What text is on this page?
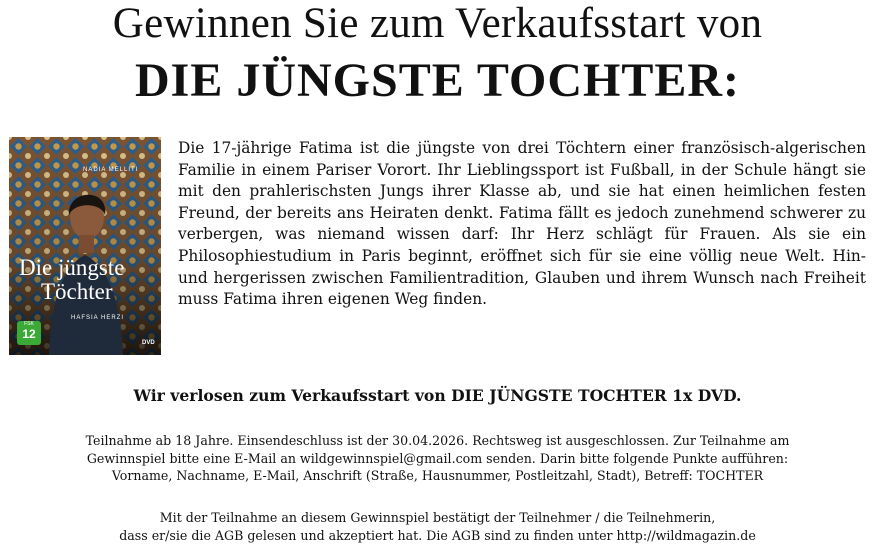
Gewinnen Sie zum Verkaufsstart von
DIE JÜNGSTE TOCHTER:
NADIA MELLITI
Die jüngste
Töchter
HAFSIA HERZI
FSK
12
DVD
Die 17-jährige Fatima ist die jüngste von drei Töchtern einer französisch-algerischen Familie in einem Pariser Vorort. Ihr Lieblingssport ist Fußball, in der Schule hängt sie mit den prahlerischsten Jungs ihrer Klasse ab, und sie hat einen heimlichen festen Freund, der bereits ans Heiraten denkt. Fatima fällt es jedoch zunehmend schwerer zu verbergen, was niemand wissen darf: Ihr Herz schlägt für Frauen. Als sie ein Philosophiestudium in Paris beginnt, eröffnet sich für sie eine völlig neue Welt. Hin- und hergerissen zwischen Familientradition, Glauben und ihrem Wunsch nach Freiheit muss Fatima ihren eigenen Weg finden.
Wir verlosen zum Verkaufsstart von DIE JÜNGSTE TOCHTER 1x DVD.
Teilnahme ab 18 Jahre. Einsendeschluss ist der 30.04.2026. Rechtsweg ist ausgeschlossen. Zur Teilnahme am
Gewinnspiel bitte eine E-Mail an wildgewinnspiel@gmail.com senden. Darin bitte folgende Punkte aufführen:
Vorname, Nachname, E-Mail, Anschrift (Straße, Hausnummer, Postleitzahl, Stadt), Betreff: TOCHTER
Mit der Teilnahme an diesem Gewinnspiel bestätigt der Teilnehmer / die Teilnehmerin,
dass er/sie die AGB gelesen und akzeptiert hat. Die AGB sind zu finden unter http://wildmagazin.de
